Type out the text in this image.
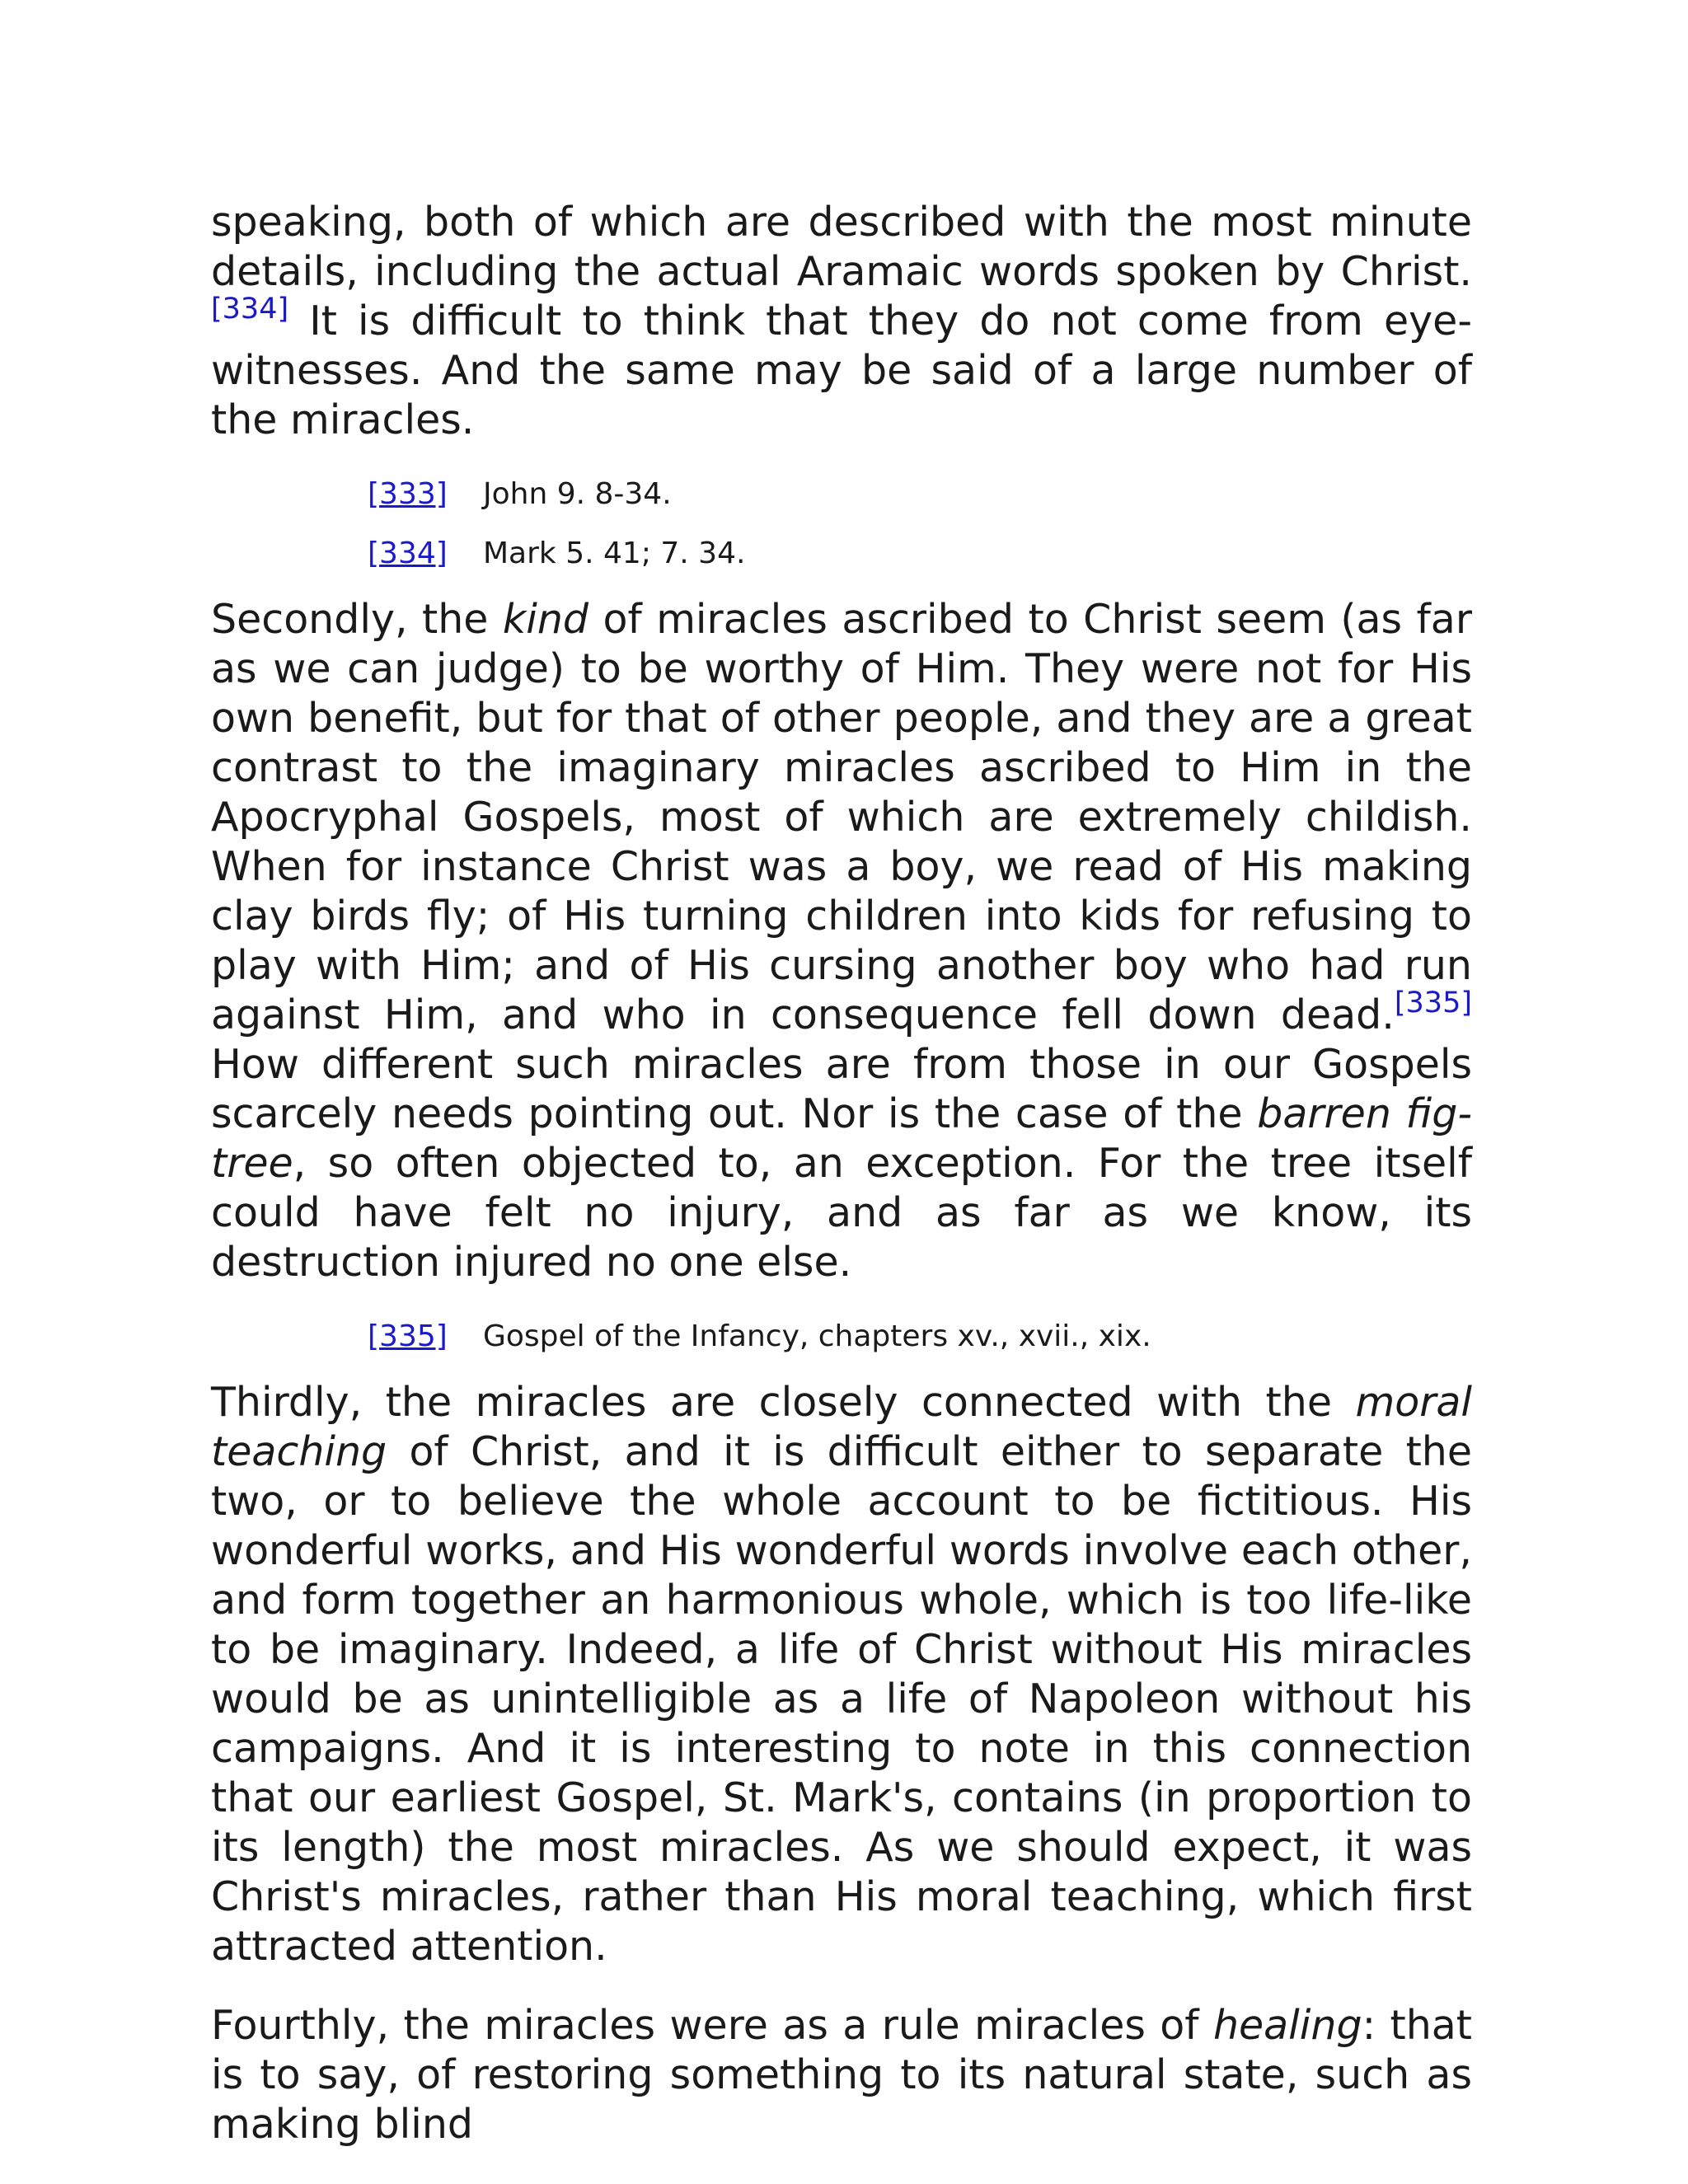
speaking, both of which are described with the most minute details, including the actual Aramaic words spoken by Christ.[334] It is difficult to think that they do not come from eye-witnesses. And the same may be said of a large number of the miracles.

[333]	John 9. 8-34.
[334]	Mark 5. 41; 7. 34.

Secondly, the kind of miracles ascribed to Christ seem (as far as we can judge) to be worthy of Him. They were not for His own benefit, but for that of other people, and they are a great contrast to the imaginary miracles ascribed to Him in the Apocryphal Gospels, most of which are extremely childish. When for instance Christ was a boy, we read of His making clay birds fly; of His turning children into kids for refusing to play with Him; and of His cursing another boy who had run against Him, and who in consequence fell down dead.[335] How different such miracles are from those in our Gospels scarcely needs pointing out. Nor is the case of the barren fig-tree, so often objected to, an exception. For the tree itself could have felt no injury, and as far as we know, its destruction injured no one else.

[335]	Gospel of the Infancy, chapters xv., xvii., xix.

Thirdly, the miracles are closely connected with the moral teaching of Christ, and it is difficult either to separate the two, or to believe the whole account to be fictitious. His wonderful works, and His wonderful words involve each other, and form together an harmonious whole, which is too life-like to be imaginary. Indeed, a life of Christ without His miracles would be as unintelligible as a life of Napoleon without his campaigns. And it is interesting to note in this connection that our earliest Gospel, St. Mark's, contains (in proportion to its length) the most miracles. As we should expect, it was Christ's miracles, rather than His moral teaching, which first attracted attention.

Fourthly, the miracles were as a rule miracles of healing: that is to say, of restoring something to its natural state, such as making blind
